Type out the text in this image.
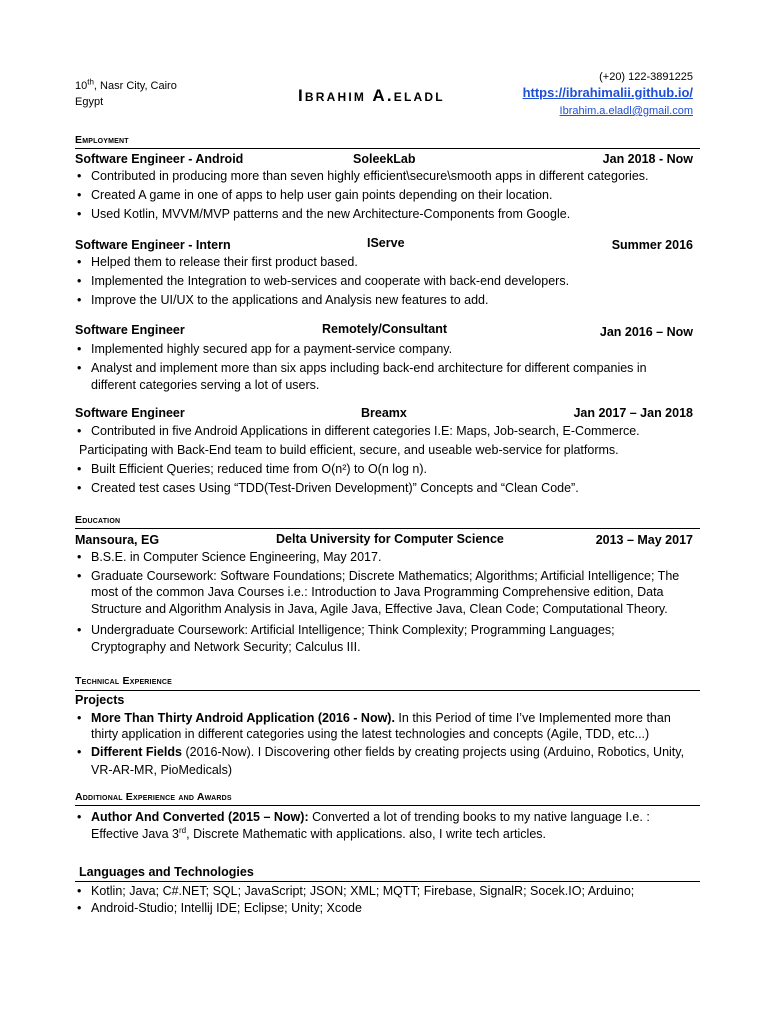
10th, Nasr City, Cairo
Egypt	Ibrahim A.eladl
(+20) 122-3891225
https://ibrahimalii.github.io/
Ibrahim.a.eladl@gmail.com
Employment
Software Engineer - Android	SoleekLab	Jan 2018 - Now
• Contributed in producing more than seven highly efficient\secure\smooth apps in different categories.
• Created A game in one of apps to help user gain points depending on their location.
• Used Kotlin, MVVM/MVP patterns and the new Architecture-Components from Google.
Software Engineer - Intern	IServe	Summer 2016
• Helped them to release their first product based.
• Implemented the Integration to web-services and cooperate with back-end developers.
• Improve the UI/UX to the applications and Analysis new features to add.
Software Engineer	Remotely/Consultant	Jan 2016 – Now
• Implemented highly secured app for a payment-service company.
• Analyst and implement more than six apps including back-end architecture for different companies in
different categories serving a lot of users.
Software Engineer	Breamx	Jan 2017 – Jan 2018
• Contributed in five Android Applications in different categories I.E: Maps, Job-search, E-Commerce.
Participating with Back-End team to build efficient, secure, and useable web-service for platforms.
• Built Efficient Queries; reduced time from O(n²) to O(n log n).
• Created test cases Using “TDD(Test-Driven Development)” Concepts and “Clean Code”.
Education
Mansoura, EG	Delta University for Computer Science	2013 – May 2017
• B.S.E. in Computer Science Engineering, May 2017.
• Graduate Coursework: Software Foundations; Discrete Mathematics; Algorithms; Artificial Intelligence; The
most of the common Java Courses i.e.: Introduction to Java Programming Comprehensive edition, Data
Structure and Algorithm Analysis in Java, Agile Java, Effective Java, Clean Code; Computational Theory.
• Undergraduate Coursework: Artificial Intelligence; Think Complexity; Programming Languages;
Cryptography and Network Security; Calculus III.
Technical Experience
Projects
• More Than Thirty Android Application (2016 - Now). In this Period of time I’ve Implemented more than
thirty application in different categories using the latest technologies and concepts (Agile, TDD, etc...)
• Different Fields (2016-Now). I Discovering other fields by creating projects using (Arduino, Robotics, Unity,
VR-AR-MR, PioMedicals)
Additional Experience and Awards
• Author And Converted (2015 – Now): Converted a lot of trending books to my native language I.e. :
Effective Java 3rd, Discrete Mathematic with applications. also, I write tech articles.
Languages and Technologies
• Kotlin; Java; C#.NET; SQL; JavaScript; JSON; XML; MQTT; Firebase, SignalR; Socek.IO; Arduino;
• Android-Studio; Intellij IDE; Eclipse; Unity; Xcode
